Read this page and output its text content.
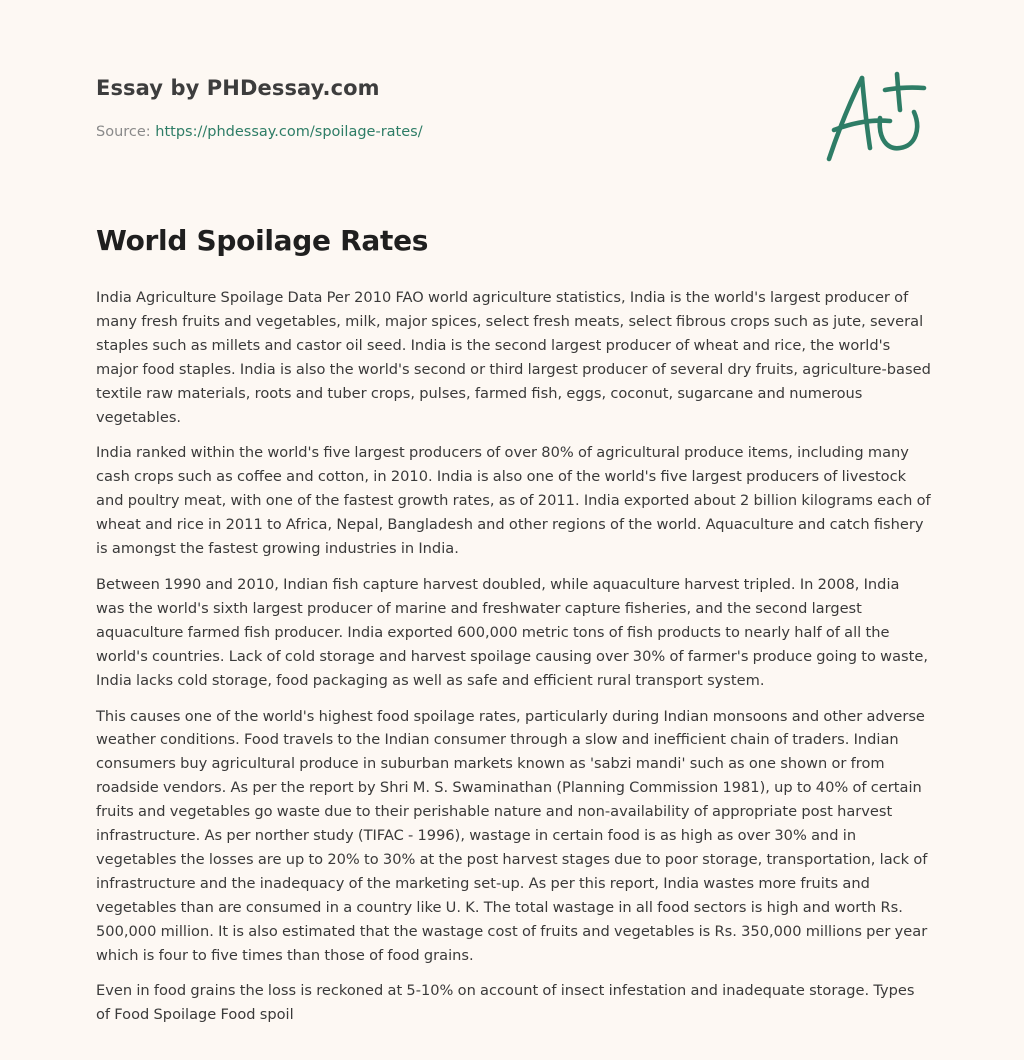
Essay by PHDessay.com
Source: https://phdessay.com/spoilage-rates/
World Spoilage Rates

India Agriculture Spoilage Data Per 2010 FAO world agriculture statistics, India is the world's largest producer of many fresh fruits and vegetables, milk, major spices, select fresh meats, select fibrous crops such as jute, several staples such as millets and castor oil seed. India is the second largest producer of wheat and rice, the world's major food staples. India is also the world's second or third largest producer of several dry fruits, agriculture-based textile raw materials, roots and tuber crops, pulses, farmed fish, eggs, coconut, sugarcane and numerous vegetables.

India ranked within the world's five largest producers of over 80% of agricultural produce items, including many cash crops such as coffee and cotton, in 2010. India is also one of the world's five largest producers of livestock and poultry meat, with one of the fastest growth rates, as of 2011. India exported about 2 billion kilograms each of wheat and rice in 2011 to Africa, Nepal, Bangladesh and other regions of the world. Aquaculture and catch fishery is amongst the fastest growing industries in India.

Between 1990 and 2010, Indian fish capture harvest doubled, while aquaculture harvest tripled. In 2008, India was the world's sixth largest producer of marine and freshwater capture fisheries, and the second largest aquaculture farmed fish producer. India exported 600,000 metric tons of fish products to nearly half of all the world's countries. Lack of cold storage and harvest spoilage causing over 30% of farmer's produce going to waste, India lacks cold storage, food packaging as well as safe and efficient rural transport system.

This causes one of the world's highest food spoilage rates, particularly during Indian monsoons and other adverse weather conditions. Food travels to the Indian consumer through a slow and inefficient chain of traders. Indian consumers buy agricultural produce in suburban markets known as 'sabzi mandi' such as one shown or from roadside vendors. As per the report by Shri M. S. Swaminathan (Planning Commission 1981), up to 40% of certain fruits and vegetables go waste due to their perishable nature and non-availability of appropriate post harvest infrastructure. As per norther study (TIFAC - 1996), wastage in certain food is as high as over 30% and in vegetables the losses are up to 20% to 30% at the post harvest stages due to poor storage, transportation, lack of infrastructure and the inadequacy of the marketing set-up. As per this report, India wastes more fruits and vegetables than are consumed in a country like U. K. The total wastage in all food sectors is high and worth Rs. 500,000 million. It is also estimated that the wastage cost of fruits and vegetables is Rs. 350,000 millions per year which is four to five times than those of food grains.

Even in food grains the loss is reckoned at 5-10% on account of insect infestation and inadequate storage. Types of Food Spoilage Food spoil
